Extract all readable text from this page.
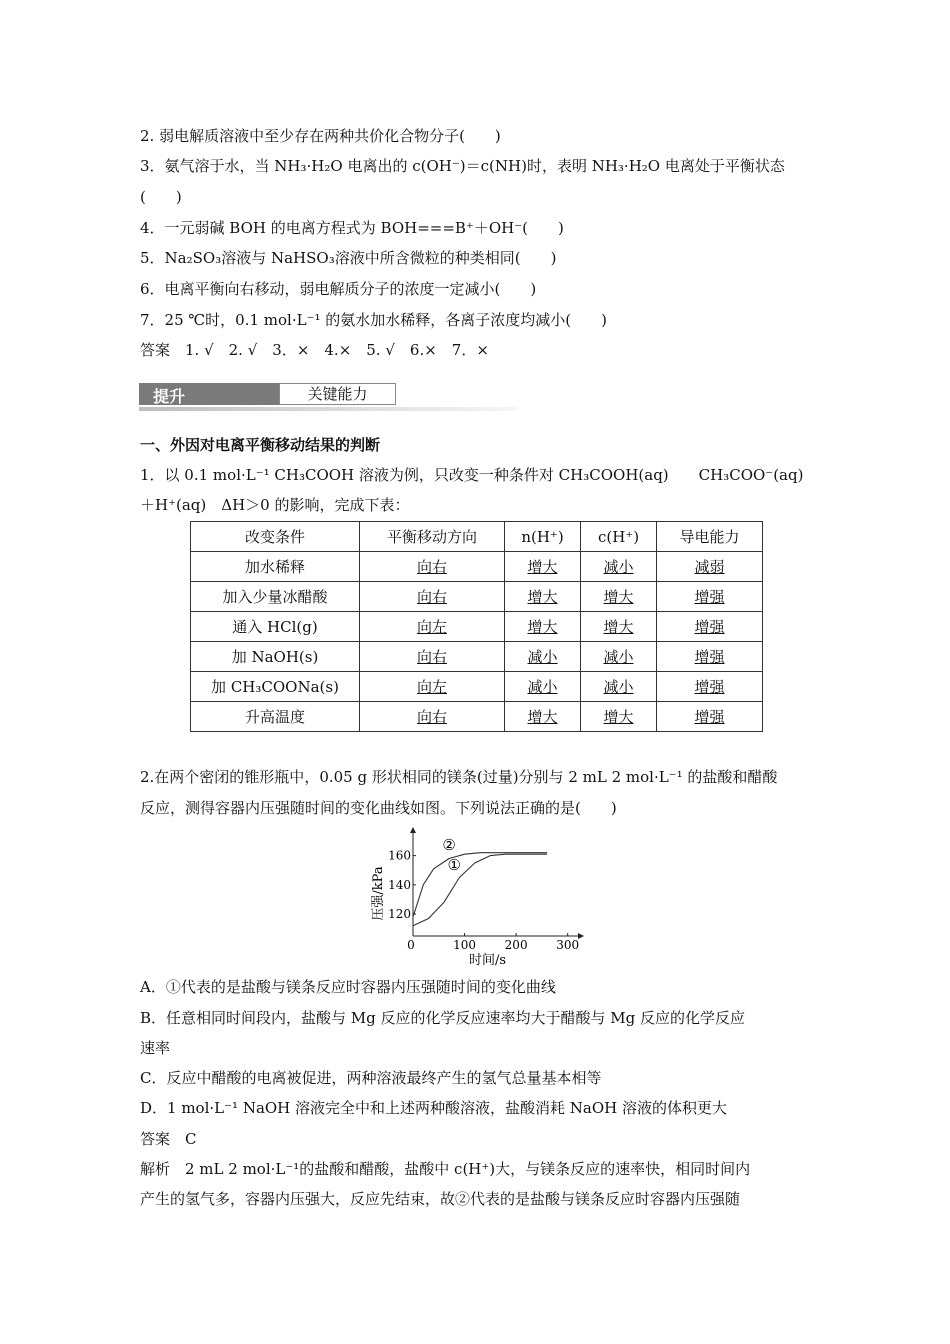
2. 弱电解质溶液中至少存在两种共价化合物分子(　　)
3．氨气溶于水，当 NH₃·H₂O 电离出的 c(OH⁻)＝c(NH)时，表明 NH₃·H₂O 电离处于平衡状态
(　　)
4．一元弱碱 BOH 的电离方程式为 BOH===B⁺＋OH⁻(　　)
5．Na₂SO₃溶液与 NaHSO₃溶液中所含微粒的种类相同(　　)
6．电离平衡向右移动，弱电解质分子的浓度一定减小(　　)
7．25 ℃时，0.1 mol·L⁻¹ 的氨水加水稀释，各离子浓度均减小(　　)
答案　1. √　2. √　3．×　4.×　5. √　6.×　7．×
提升	关键能力
一、外因对电离平衡移动结果的判断
1．以 0.1 mol·L⁻¹ CH₃COOH 溶液为例，只改变一种条件对 CH₃COOH(aq)　　CH₃COO⁻(aq)
＋H⁺(aq)　ΔH＞0 的影响，完成下表：
改变条件	平衡移动方向	n(H⁺)	c(H⁺)	导电能力
加水稀释	向右	增大	减小	减弱
加入少量冰醋酸	向右	增大	增大	增强
通入 HCl(g)	向左	增大	增大	增强
加 NaOH(s)	向右	减小	减小	增强
加 CH₃COONa(s)	向左	减小	减小	增强
升高温度	向右	增大	增大	增强
2.在两个密闭的锥形瓶中，0.05 g 形状相同的镁条(过量)分别与 2 mL 2 mol·L⁻¹ 的盐酸和醋酸
反应，测得容器内压强随时间的变化曲线如图。下列说法正确的是(　　)
0	100 200 300
120
140
160
②
①
时间/s
压强/kPa
A．①代表的是盐酸与镁条反应时容器内压强随时间的变化曲线
B．任意相同时间段内，盐酸与 Mg 反应的化学反应速率均大于醋酸与 Mg 反应的化学反应
速率
C．反应中醋酸的电离被促进，两种溶液最终产生的氢气总量基本相等
D．1 mol·L⁻¹ NaOH 溶液完全中和上述两种酸溶液，盐酸消耗 NaOH 溶液的体积更大
答案　C
解析　2 mL 2 mol·L⁻¹的盐酸和醋酸，盐酸中 c(H⁺)大，与镁条反应的速率快，相同时间内
产生的氢气多，容器内压强大，反应先结束，故②代表的是盐酸与镁条反应时容器内压强随
